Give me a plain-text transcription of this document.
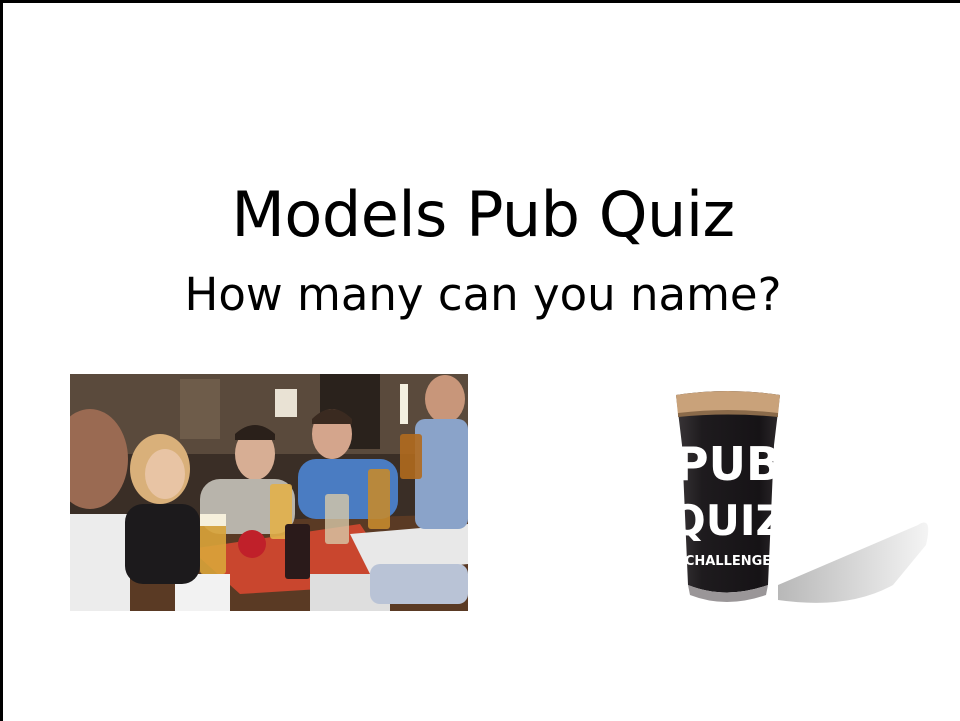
Models Pub Quiz
How many can you name?
PUB
QUIZ
CHALLENGE
